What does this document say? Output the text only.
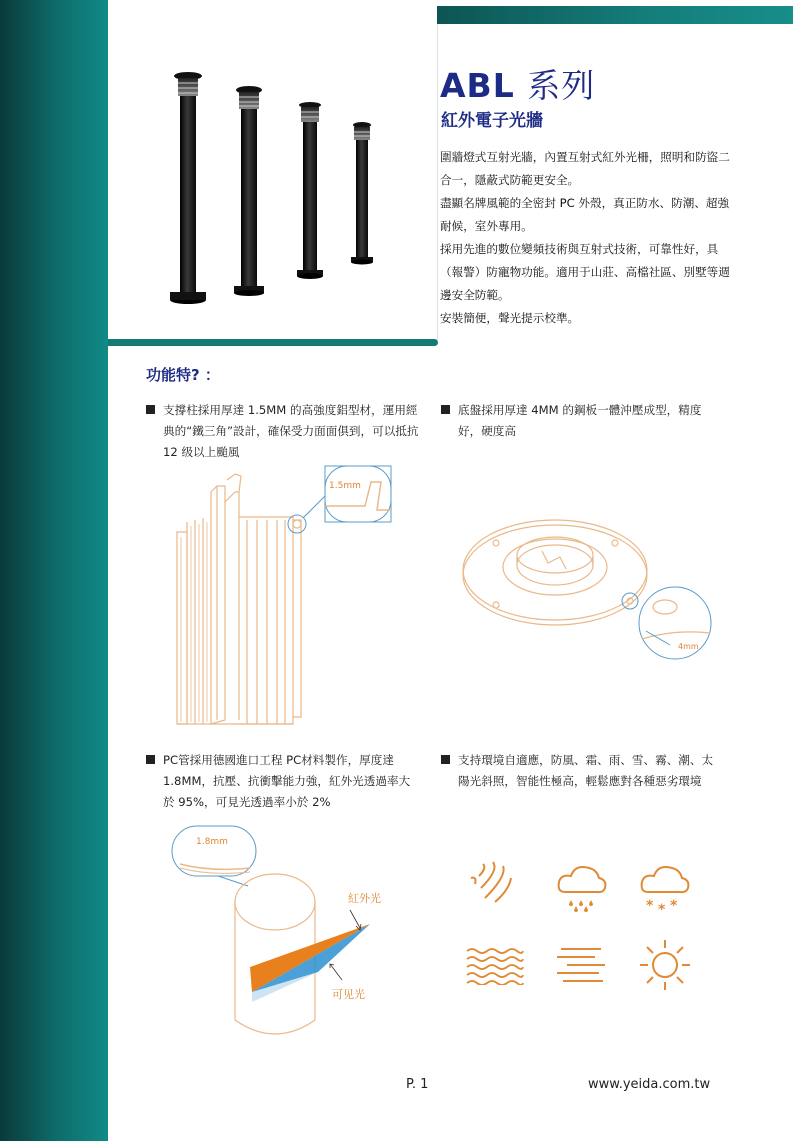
ABL 系列
紅外電子光牆

圍牆燈式互射光牆，內置互射式紅外光柵，照明和防盜二合一，隱蔽式防範更安全。

盡顯名牌風範的全密封 PC 外殼，真正防水、防潮、超強耐候，室外專用。

採用先進的數位變頻技術與互射式技術，可靠性好，具（報警）防寵物功能。適用于山莊、高檔社區、別墅等週邊安全防範。

安裝簡便，聲光提示校準。

功能特? ：
支撐柱採用厚達 1.5MM 的高強度鋁型材，運用經典的“鐵三角”設計，確保受力面面俱到，可以抵抗 12 级以上颱風
底盤採用厚達 4MM 的鋼板一體沖壓成型，精度好，硬度高
PC管採用德國進口工程 PC材料製作，厚度達 1.8MM，抗壓、抗衝擊能力強，紅外光透過率大於 95%，可見光透過率小於 2%
支持環境自適應，防風、霜、雨、雪、霧、潮、太陽光斜照，智能性極高，輕鬆應對各種惡劣環境
1.5mm
4mm
1.8mm
紅外光
可见光
* * *
P. 1	www.yeida.com.tw
